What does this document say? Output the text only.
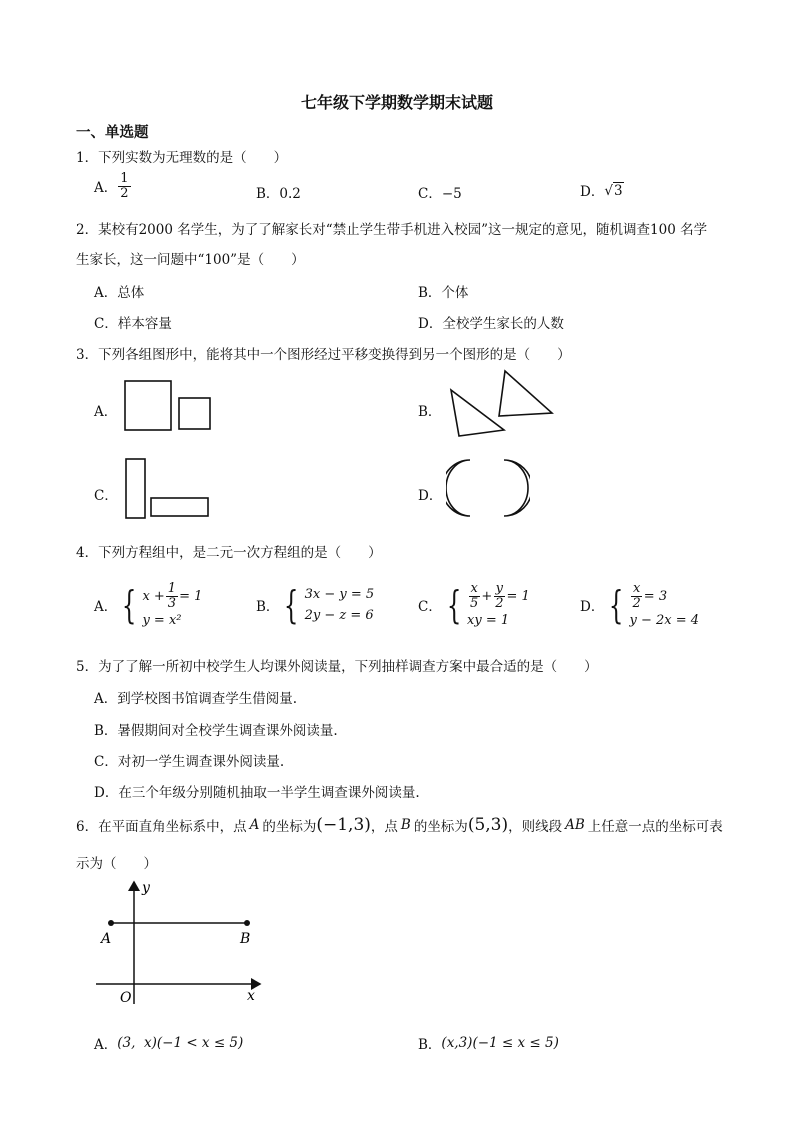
七年级下学期数学期末试题
一、单选题
1．下列实数为无理数的是（　　）
A． $\frac{1}{2}$	B．0.2	C．−5	D． √ 3
2．某校有2000 名学生，为了了解家长对“禁止学生带手机进入校园”这一规定的意见，随机调查100 名学
生家长，这一问题中“100”是（　　）
A．总体	B．个体
C．样本容量	D．全校学生家长的人数
3．下列各组图形中，能将其中一个图形经过平移变换得到另一个图形的是（　　）
A．	B．
C．	D．
4．下列方程组中，是二元一次方程组的是（　　）
A． { $x + \frac{1}{3} = 1$
y = x²
B． { 3x − y = 5
2y − z = 6
C． { $\frac{x}{5} + \frac{y}{2} = 1$
xy = 1
D． { $\frac{x}{2} = 3$
y − 2x = 4
5．为了了解一所初中校学生人均课外阅读量，下列抽样调查方案中最合适的是（　　）
A．到学校图书馆调查学生借阅量.
B．暑假期间对全校学生调查课外阅读量.
C．对初一学生调查课外阅读量.
D．在三个年级分别随机抽取一半学生调查课外阅读量.
6．在平面直角坐标系中，点 A 的坐标为 (−1,3) ，点 B 的坐标为 (5,3) ，则线段 AB 上任意一点的坐标可表
示为（　　）
y
x
O
A	B
A． (3,  x)(−1 < x ≤ 5)	B． (x,3)(−1 ≤ x ≤ 5)
